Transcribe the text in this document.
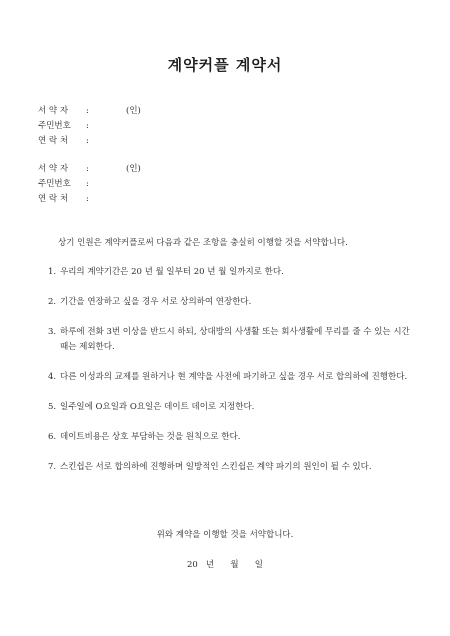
계약커플 계약서
서 약 자 :	(인)
주민번호 :
연 락 처 :
서 약 자 :	(인)
주민번호 :
연 락 처 :
상기 인원은 계약커플로써 다음과 같은 조항을 충실히 이행할 것을 서약합니다.
1. 우리의 계약기간은 20 년 월 일부터 20 년 월 일까지로 한다.
2. 기간을 연장하고 싶을 경우 서로 상의하여 연장한다.
3. 하루에 전화 3번 이상을 반드시 하되, 상대방의 사생활 또는 회사생활에 무리를 줄 수 있는 시간 때는 제외한다.
4. 다른 이성과의 교제를 원하거나 현 계약을 사전에 파기하고 싶을 경우 서로 합의하에 진행한다.
5. 일주일에 O요일과 O요일은 데이트 데이로 지정한다.
6. 데이트비용은 상호 부담하는 것을 원칙으로 한다.
7. 스킨쉽은 서로 합의하에 진행하며 일방적인 스킨쉽은 계약 파기의 원인이 될 수 있다.
위와 계약을 이행할 것을 서약합니다.
20   년      월      일
